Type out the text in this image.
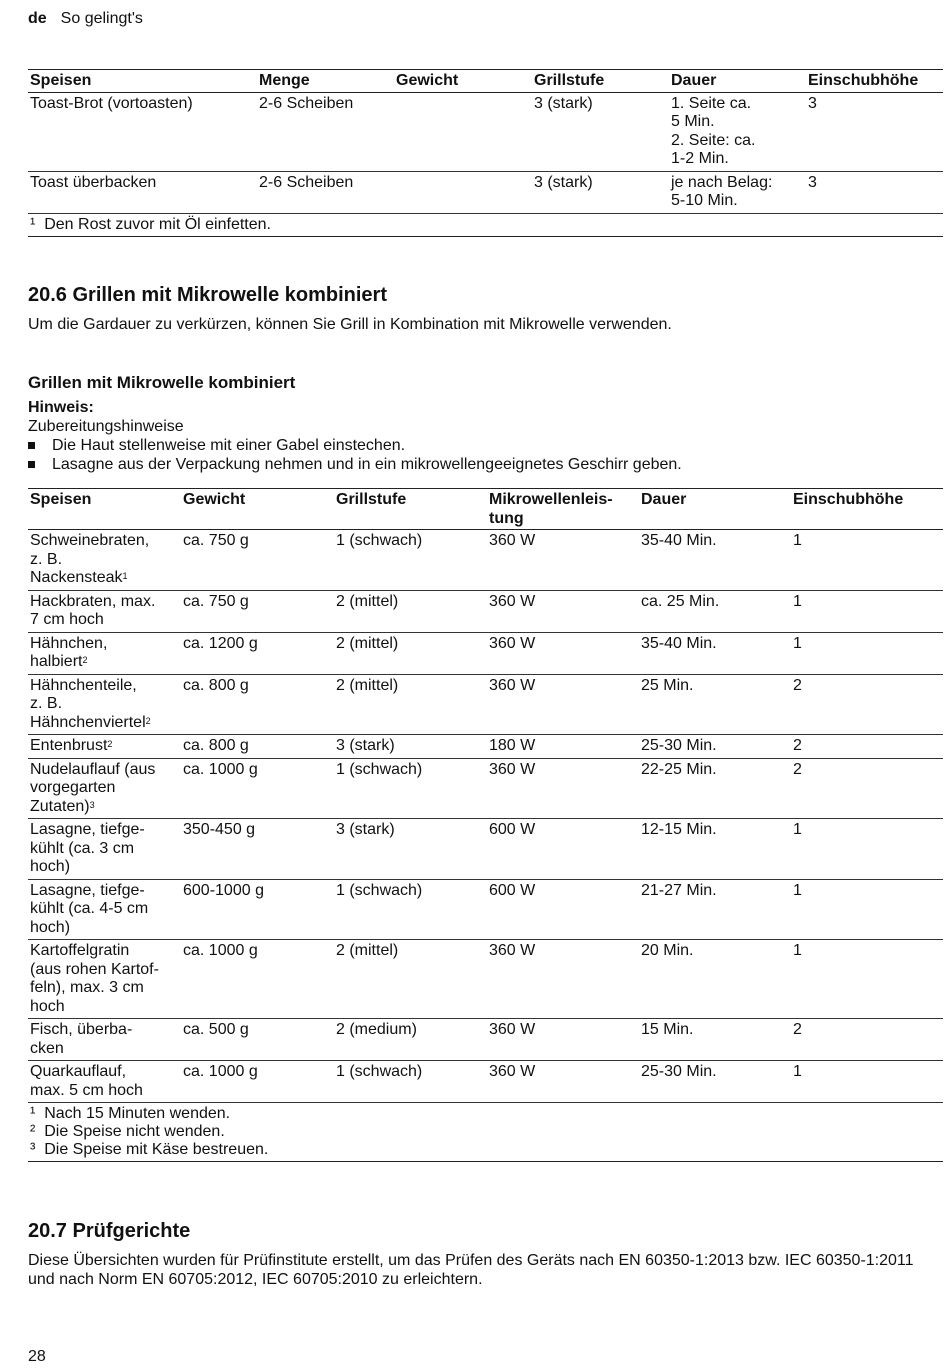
de So gelingt's
Speisen	Menge	Gewicht	Grillstufe	Dauer	Einschubhöhe
Toast-Brot (vortoasten)	2-6 Scheiben		3 (stark)	1. Seite ca.
5 Min.
2. Seite: ca.
1-2 Min.	3
Toast überbacken	2-6 Scheiben		3 (stark)	je nach Belag:
5-10 Min.	3

¹ Den Rost zuvor mit Öl einfetten.					
20.6 Grillen mit Mikrowelle kombiniert

Um die Gardauer zu verkürzen, können Sie Grill in Kombination mit Mikrowelle verwenden.

Grillen mit Mikrowelle kombiniert
Hinweis:
Zubereitungshinweise
Die Haut stellenweise mit einer Gabel einstechen.
Lasagne aus der Verpackung nehmen und in ein mikrowellengeeignetes Geschirr geben.
Speisen	Gewicht	Grillstufe	Mikrowellenleis-
tung	Dauer	Einschubhöhe

Schweinebraten,
z. B.
Nackensteak$^1$	ca. 750 g	1 (schwach)	360 W	35-40 Min.	1

Hackbraten, max.
7 cm hoch	ca. 750 g	2 (mittel)	360 W	ca. 25 Min.	1

Hähnchen,
halbiert$^2$	ca. 1200 g	2 (mittel)	360 W	35-40 Min.	1

Hähnchenteile,
z. B.
Hähnchenviertel$^2$	ca. 800 g	2 (mittel)	360 W	25 Min.	2

Entenbrust$^2$	ca. 800 g	3 (stark)	180 W	25-30 Min.	2

Nudelauflauf (aus
vorgegarten
Zutaten)$^3$	ca. 1000 g	1 (schwach)	360 W	22-25 Min.	2

Lasagne, tiefge-
kühlt (ca. 3 cm
hoch)	350-450 g	3 (stark)	600 W	12-15 Min.	1

Lasagne, tiefge-
kühlt (ca. 4-5 cm
hoch)	600-1000 g	1 (schwach)	600 W	21-27 Min.	1

Kartoffelgratin
(aus rohen Kartof-
feln), max. 3 cm
hoch	ca. 1000 g	2 (mittel)	360 W	20 Min.	1

Fisch, überba-
cken	ca. 500 g	2 (medium)	360 W	15 Min.	2

Quarkauflauf,
max. 5 cm hoch	ca. 1000 g	1 (schwach)	360 W	25-30 Min.	1

¹ Nach 15 Minuten wenden.
² Die Speise nicht wenden.
³ Die Speise mit Käse bestreuen.					
20.7 Prüfgerichte

Diese Übersichten wurden für Prüfinstitute erstellt, um das Prüfen des Geräts nach EN 60350-1:2013 bzw. IEC 60350-1:2011 und nach Norm EN 60705:2012, IEC 60705:2010 zu erleichtern.

28
